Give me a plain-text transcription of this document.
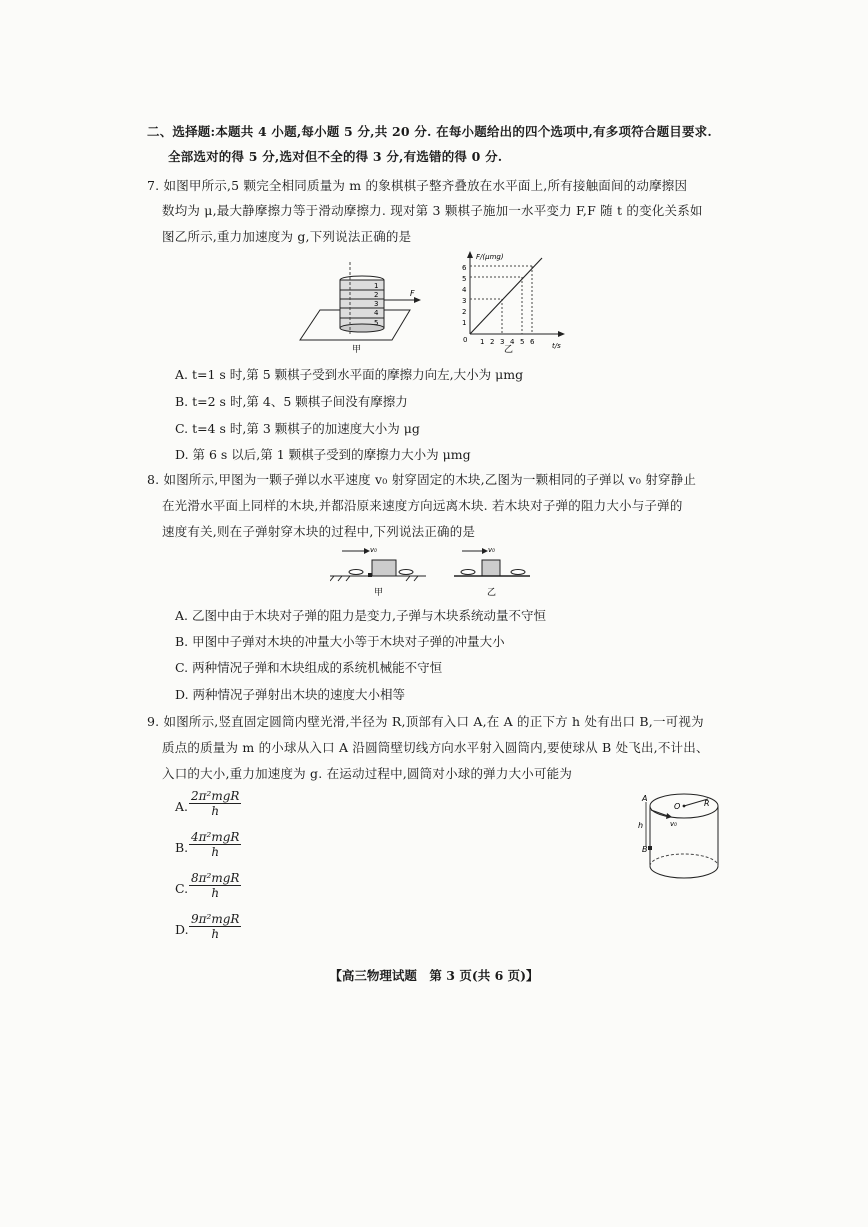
二、选择题:本题共 4 小题,每小题 5 分,共 20 分. 在每小题给出的四个选项中,有多项符合题目要求.
全部选对的得 5 分,选对但不全的得 3 分,有选错的得 0 分.
7. 如图甲所示,5 颗完全相同质量为 m 的象棋棋子整齐叠放在水平面上,所有接触面间的动摩擦因
数均为 μ,最大静摩擦力等于滑动摩擦力. 现对第 3 颗棋子施加一水平变力 F,F 随 t 的变化关系如
图乙所示,重力加速度为 g,下列说法正确的是
1
2
3
4
5
F
甲
F/(μmg)
t/s
0
1
2
3
4
5
6
1 2 3 4 5 6
乙
A. t=1 s 时,第 5 颗棋子受到水平面的摩擦力向左,大小为 μmg
B. t=2 s 时,第 4、5 颗棋子间没有摩擦力
C. t=4 s 时,第 3 颗棋子的加速度大小为 μg
D. 第 6 s 以后,第 1 颗棋子受到的摩擦力大小为 μmg
8. 如图所示,甲图为一颗子弹以水平速度 v₀ 射穿固定的木块,乙图为一颗相同的子弹以 v₀ 射穿静止
在光滑水平面上同样的木块,并都沿原来速度方向远离木块. 若木块对子弹的阻力大小与子弹的
速度有关,则在子弹射穿木块的过程中,下列说法正确的是
v₀
甲
v₀
乙
A. 乙图中由于木块对子弹的阻力是变力,子弹与木块系统动量不守恒
B. 甲图中子弹对木块的冲量大小等于木块对子弹的冲量大小
C. 两种情况子弹和木块组成的系统机械能不守恒
D. 两种情况子弹射出木块的速度大小相等
9. 如图所示,竖直固定圆筒内壁光滑,半径为 R,顶部有入口 A,在 A 的正下方 h 处有出口 B,一可视为
质点的质量为 m 的小球从入口 A 沿圆筒壁切线方向水平射入圆筒内,要使球从 B 处飞出,不计出、
入口的大小,重力加速度为 g. 在运动过程中,圆筒对小球的弹力大小可能为
A.
2π²mgR
h
B.
4π²mgR
h
C.
8π²mgR
h
D.
9π²mgR
h
O	R
A
B
h	v₀
【高三物理试题　第 3 页(共 6 页)】
